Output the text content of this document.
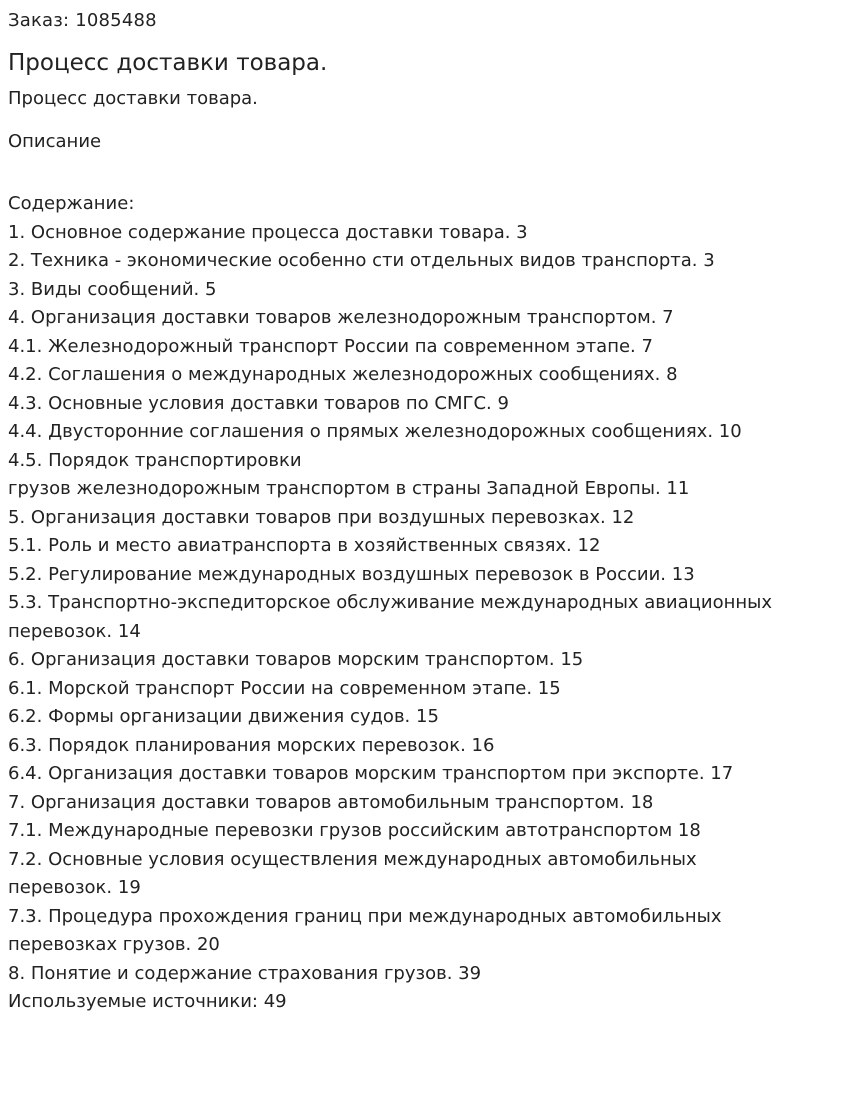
Заказ: 1085488
Процесс доставки товара.
Процесс доставки товара.
Описание
Содержание:
1. Основное содержание процесса доставки товара. 3
2. Техника - экономические особенно сти отдельных видов транспорта. 3
3. Виды сообщений. 5
4. Организация доставки товаров железнодорожным транспортом. 7
4.1. Железнодорожный транспорт России па современном этапе. 7
4.2. Соглашения о международных железнодорожных сообщениях. 8
4.3. Основные условия доставки товаров по СМГС. 9
4.4. Двусторонние соглашения о прямых железнодорожных сообщениях. 10
4.5. Порядок транспортировки
грузов железнодорожным транспортом в страны Западной Европы. 11
5. Организация доставки товаров при воздушных перевозках. 12
5.1. Роль и место авиатранспорта в хозяйственных связях. 12
5.2. Регулирование международных воздушных перевозок в России. 13
5.3. Транспортно-экспедиторское обслуживание международных авиационных
перевозок. 14
6. Организация доставки товаров морским транспортом. 15
6.1. Морской транспорт России на современном этапе. 15
6.2. Формы организации движения судов. 15
6.3. Порядок планирования морских перевозок. 16
6.4. Организация доставки товаров морским транспортом при экспорте. 17
7. Организация доставки товаров автомобильным транспортом. 18
7.1. Международные перевозки грузов российским автотранспортом 18
7.2. Основные условия осуществления международных автомобильных
перевозок. 19
7.3. Процедура прохождения границ при международных автомобильных
перевозках грузов. 20
8. Понятие и содержание страхования грузов. 39
Используемые источники: 49
